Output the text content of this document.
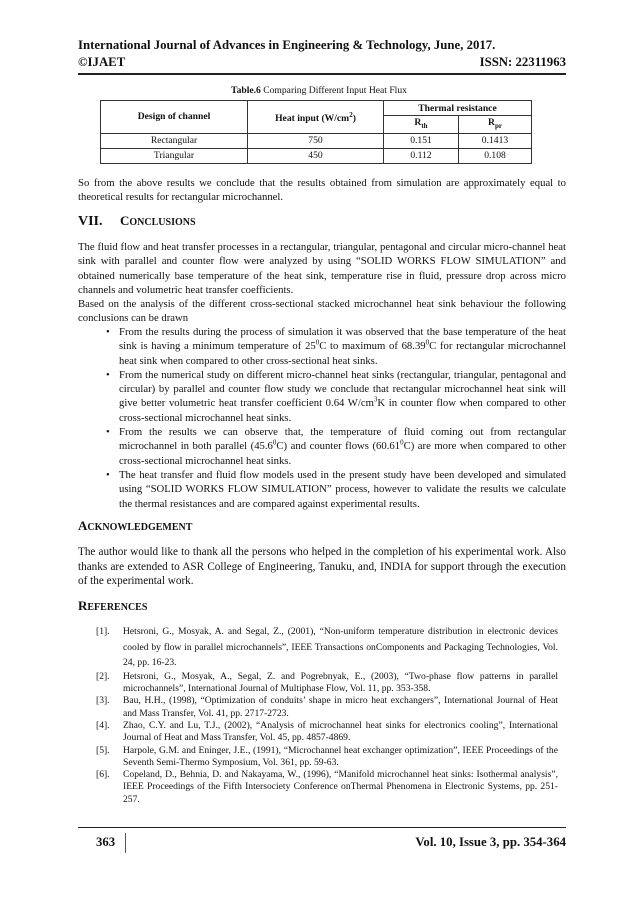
International Journal of Advances in Engineering & Technology, June, 2017.
©IJAET	ISSN: 22311963
Table.6 Comparing Different Input Heat Flux
Design of channel	Heat input $(W/cm^2)$	Thermal resistance	
		$R_{th}$	$R_{pr}$
Rectangular	750	0.151	0.1413
Triangular	450	0.112	0.108
So from the above results we conclude that the results obtained from simulation are approximately equal to theoretical results for rectangular microchannel.
VII. CONCLUSIONS
The fluid flow and heat transfer processes in a rectangular, triangular, pentagonal and circular micro-channel heat sink with parallel and counter flow were analyzed by using “SOLID WORKS FLOW SIMULATION” and obtained numerically base temperature of the heat sink, temperature rise in fluid, pressure drop across micro channels and volumetric heat transfer coefficients.
Based on the analysis of the different cross-sectional stacked microchannel heat sink behaviour the following conclusions can be drawn
• From the results during the process of simulation it was observed that the base temperature of the heat sink is having a minimum temperature of $25^0C$ to maximum of 68.39$^0$C for rectangular microchannel heat sink when compared to other cross-sectional heat sinks.
• From the numerical study on different micro-channel heat sinks (rectangular, triangular, pentagonal and circular) by parallel and counter flow study we conclude that rectangular microchannel heat sink will give better volumetric heat transfer coefficient 0.64 $W/cm^3K$ in counter flow when compared to other cross-sectional microchannel heat sinks.
• From the results we can observe that, the temperature of fluid coming out from rectangular microchannel in both parallel (45.6$^0$C) and counter flows (60.61$^0$C) are more when compared to other cross-sectional microchannel heat sinks.
• The heat transfer and fluid flow models used in the present study have been developed and simulated using “SOLID WORKS FLOW SIMULATION” process, however to validate the results we calculate the thermal resistances and are compared against experimental results.
ACKNOWLEDGEMENT
The author would like to thank all the persons who helped in the completion of his experimental work. Also thanks are extended to ASR College of Engineering, Tanuku, and, INDIA for support through the execution of the experimental work.
REFERENCES
[1]. Hetsroni, G., Mosyak, A. and Segal, Z., (2001), “Non-uniform temperature distribution in electronic devices cooled by flow in parallel microchannels”, IEEE Transactions onComponents and Packaging Technologies, Vol. 24, pp. 16-23.
[2]. Hetsroni, G., Mosyak, A., Segal, Z. and Pogrebnyak, E., (2003), “Two-phase flow patterns in parallel microchannels”, International Journal of Multiphase Flow, Vol. 11, pp. 353-358.
[3]. Bau, H.H., (1998), “Optimization of conduits’ shape in micro heat exchangers”, International Journal of Heat and Mass Transfer, Vol. 41, pp. 2717-2723.
[4]. Zhao, C.Y. and Lu, T.J., (2002), “Analysis of microchannel heat sinks for electronics cooling”, International Journal of Heat and Mass Transfer, Vol. 45, pp. 4857-4869.
[5]. Harpole, G.M. and Eninger, J.E., (1991), “Microchannel heat exchanger optimization”, IEEE Proceedings of the Seventh Semi-Thermo Symposium, Vol. 361, pp. 59-63.
[6]. Copeland, D., Behnia, D. and Nakayama, W., (1996), “Manifold microchannel heat sinks: Isothermal analysis”, IEEE Proceedings of the Fifth Intersociety Conference onThermal Phenomena in Electronic Systems, pp. 251-257.
363	Vol. 10, Issue 3, pp. 354-364
